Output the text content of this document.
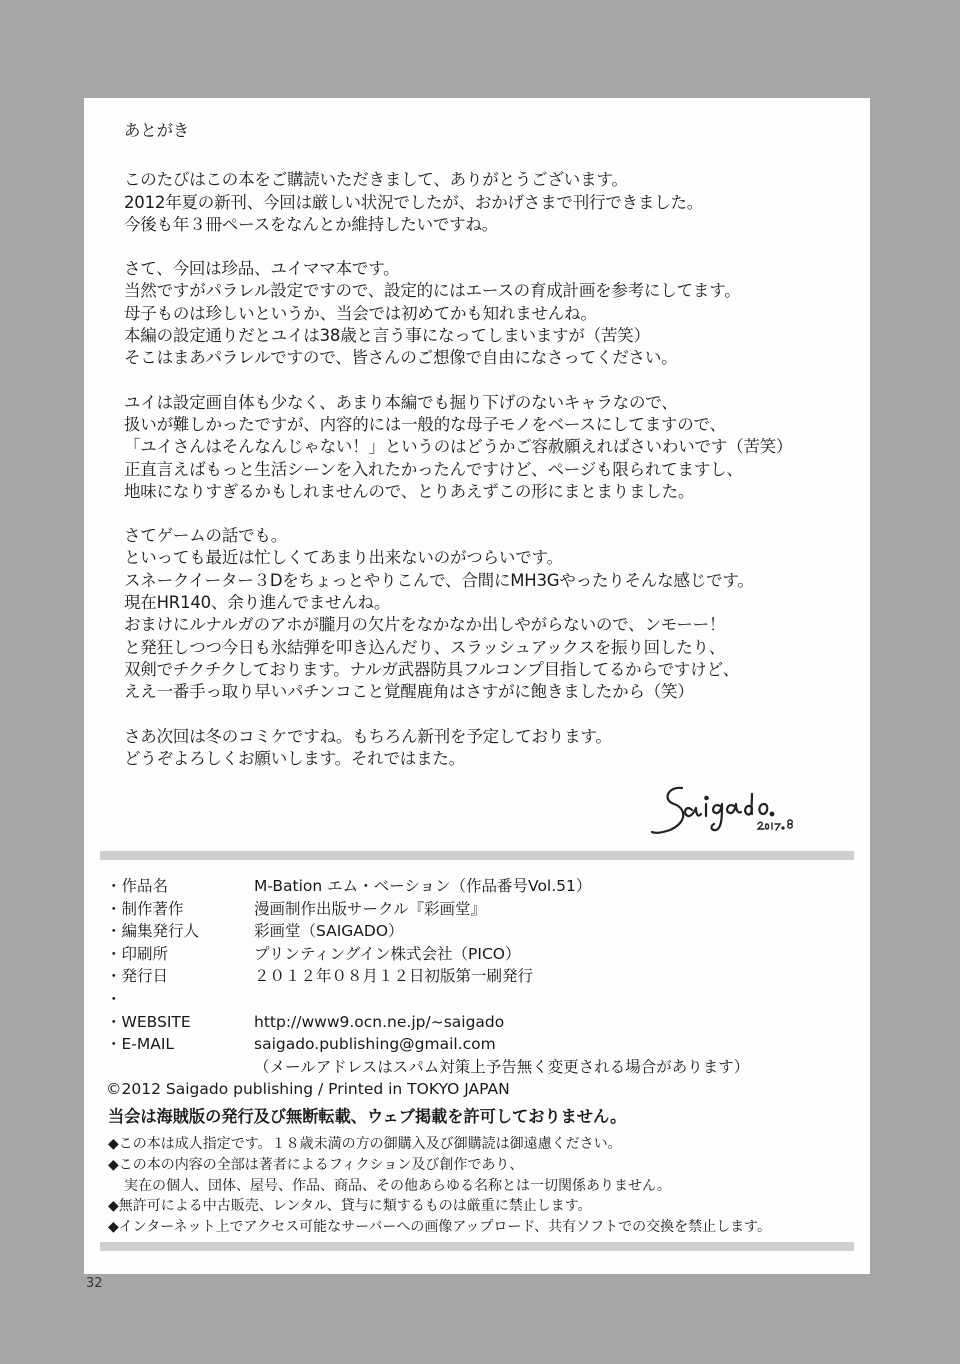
あとがき
このたびはこの本をご購読いただきまして、ありがとうございます。
2012年夏の新刊、今回は厳しい状況でしたが、おかげさまで刊行できました。
今後も年３冊ペースをなんとか維持したいですね。
さて、今回は珍品、ユイママ本です。
当然ですがパラレル設定ですので、設定的にはエースの育成計画を参考にしてます。
母子ものは珍しいというか、当会では初めてかも知れませんね。
本編の設定通りだとユイは38歳と言う事になってしまいますが（苦笑）
そこはまあパラレルですので、皆さんのご想像で自由になさってください。
ユイは設定画自体も少なく、あまり本編でも掘り下げのないキャラなので、
扱いが難しかったですが、内容的には一般的な母子モノをベースにしてますので、
「ユイさんはそんなんじゃない！」というのはどうかご容赦願えればさいわいです（苦笑）
正直言えばもっと生活シーンを入れたかったんですけど、ページも限られてますし、
地味になりすぎるかもしれませんので、とりあえずこの形にまとまりました。
さてゲームの話でも。
といっても最近は忙しくてあまり出来ないのがつらいです。
スネークイーター３Dをちょっとやりこんで、合間にMH3Gやったりそんな感じです。
現在HR140、余り進んでませんね。
おまけにルナルガのアホが朧月の欠片をなかなか出しやがらないので、ンモーー！
と発狂しつつ今日も氷結弾を叩き込んだり、スラッシュアックスを振り回したり、
双剣でチクチクしております。ナルガ武器防具フルコンプ目指してるからですけど、
ええ一番手っ取り早いパチンコこと覚醒鹿角はさすがに飽きましたから（笑）
さあ次回は冬のコミケですね。もちろん新刊を予定しております。
どうぞよろしくお願いします。それではまた。
・作品名	M-Bation エム・ベーション（作品番号Vol.51）
・制作著作	漫画制作出版サークル『彩画堂』
・編集発行人	彩画堂（SAIGADO）
・印刷所	プリンティングイン株式会社（PICO）
・発行日	２０１２年０８月１２日初版第一刷発行
・
・WEBSITE	http://www9.ocn.ne.jp/~saigado
・E-MAIL	saigado.publishing@gmail.com
（メールアドレスはスパム対策上予告無く変更される場合があります）
©2012 Saigado publishing / Printed in TOKYO JAPAN
当会は海賊版の発行及び無断転載、ウェブ掲載を許可しておりません。
◆この本は成人指定です。１８歳未満の方の御購入及び御購読は御遠慮ください。
◆この本の内容の全部は著者によるフィクション及び創作であり、
実在の個人、団体、屋号、作品、商品、その他あらゆる名称とは一切関係ありません。
◆無許可による中古販売、レンタル、貸与に類するものは厳重に禁止します。
◆インターネット上でアクセス可能なサーバーへの画像アップロード、共有ソフトでの交換を禁止します。
32
